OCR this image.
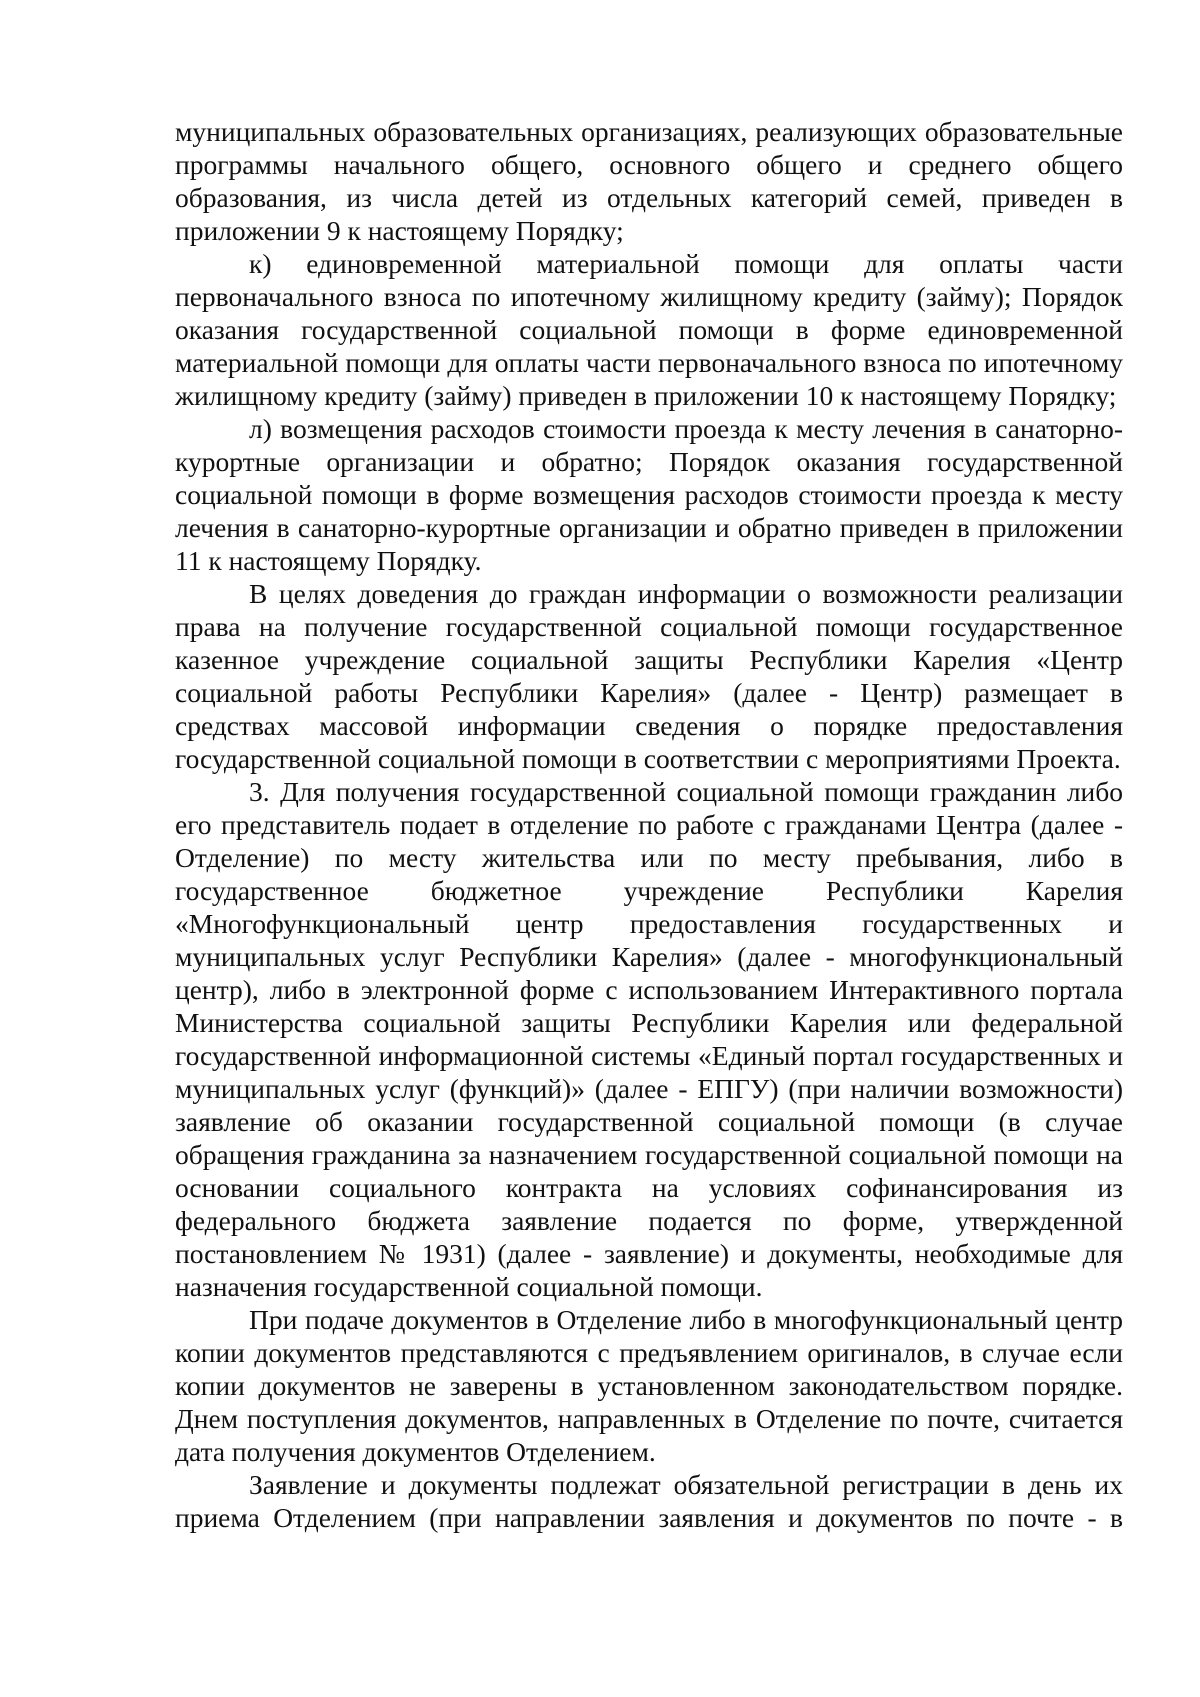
муниципальных образовательных организациях, реализующих образовательные программы начального общего, основного общего и среднего общего образования, из числа детей из отдельных категорий семей, приведен в приложении 9 к настоящему Порядку;

к) единовременной материальной помощи для оплаты части первоначального взноса по ипотечному жилищному кредиту (займу); Порядок оказания государственной социальной помощи в форме единовременной материальной помощи для оплаты части первоначального взноса по ипотечному жилищному кредиту (займу) приведен в приложении 10 к настоящему Порядку;

л) возмещения расходов стоимости проезда к месту лечения в санаторно-курортные организации и обратно; Порядок оказания государственной социальной помощи в форме возмещения расходов стоимости проезда к месту лечения в санаторно-курортные организации и обратно приведен в приложении 11 к настоящему Порядку.

В целях доведения до граждан информации о возможности реализации права на получение государственной социальной помощи государственное казенное учреждение социальной защиты Республики Карелия «Центр социальной работы Республики Карелия» (далее - Центр) размещает в средствах массовой информации сведения о порядке предоставления государственной социальной помощи в соответствии с мероприятиями Проекта.

3. Для получения государственной социальной помощи гражданин либо его представитель подает в отделение по работе с гражданами Центра (далее - Отделение) по месту жительства или по месту пребывания, либо в государственное бюджетное учреждение Республики Карелия «Многофункциональный центр предоставления государственных и муниципальных услуг Республики Карелия» (далее - многофункциональный центр), либо в электронной форме с использованием Интерактивного портала Министерства социальной защиты Республики Карелия или федеральной государственной информационной системы «Единый портал государственных и муниципальных услуг (функций)» (далее - ЕПГУ) (при наличии возможности) заявление об оказании государственной социальной помощи (в случае обращения гражданина за назначением государственной социальной помощи на основании социального контракта на условиях софинансирования из федерального бюджета заявление подается по форме, утвержденной постановлением № 1931) (далее - заявление) и документы, необходимые для назначения государственной социальной помощи.

При подаче документов в Отделение либо в многофункциональный центр копии документов представляются с предъявлением оригиналов, в случае если копии документов не заверены в установленном законодательством порядке. Днем поступления документов, направленных в Отделение по почте, считается дата получения документов Отделением.

Заявление и документы подлежат обязательной регистрации в день их приема Отделением (при направлении заявления и документов по почте - в
